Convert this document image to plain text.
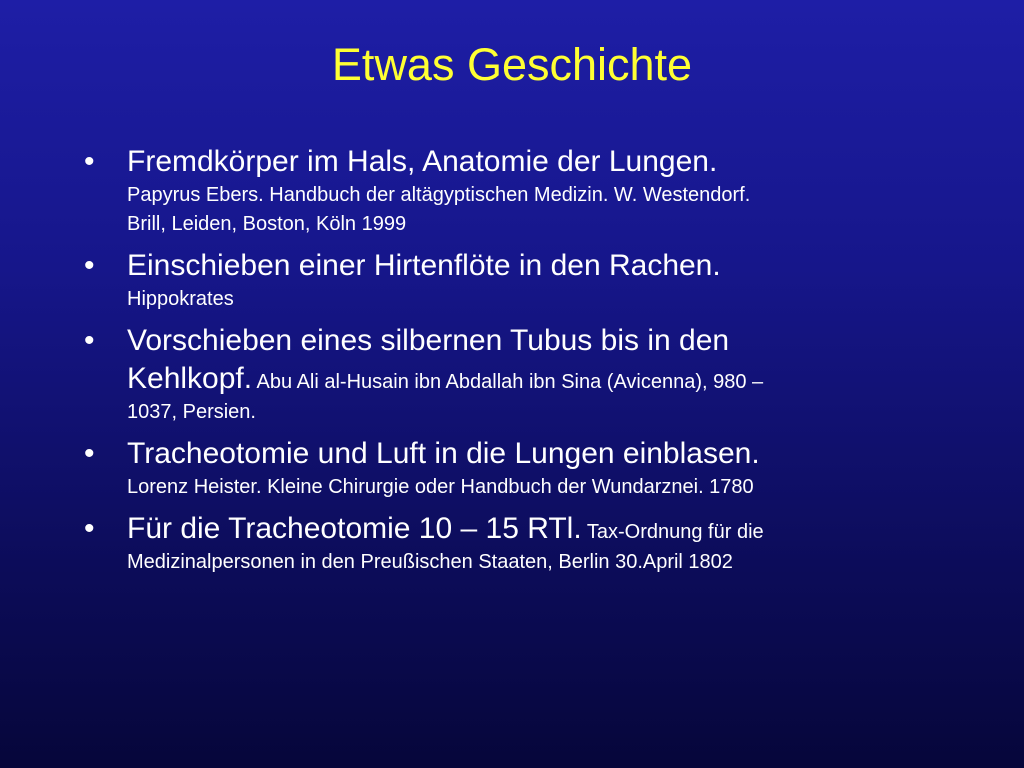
Etwas Geschichte
• Fremdkörper im Hals, Anatomie der Lungen.
Papyrus Ebers. Handbuch der altägyptischen Medizin. W. Westendorf.
Brill, Leiden, Boston, Köln 1999
• Einschieben einer Hirtenflöte in den Rachen.
Hippokrates
• Vorschieben eines silbernen Tubus bis in den
Kehlkopf. Abu Ali al-Husain ibn Abdallah ibn Sina (Avicenna), 980 –
1037, Persien.
• Tracheotomie und Luft in die Lungen einblasen.
Lorenz Heister. Kleine Chirurgie oder Handbuch der Wundarznei. 1780
• Für die Tracheotomie 10 – 15 RTl. Tax-Ordnung für die
Medizinalpersonen in den Preußischen Staaten, Berlin 30.April 1802
